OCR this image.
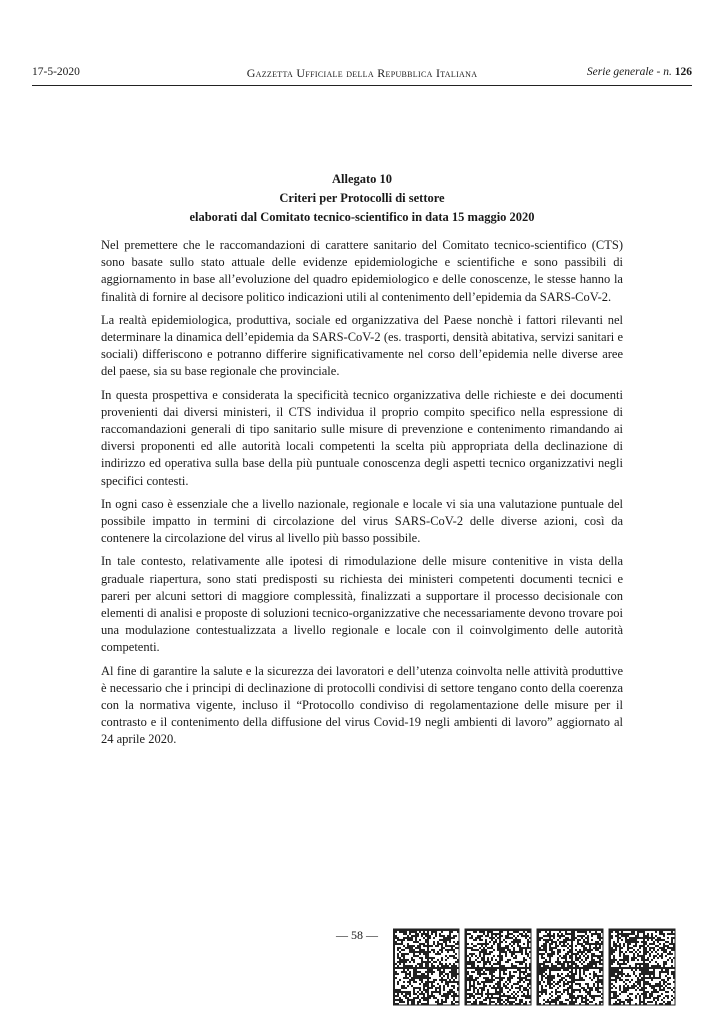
17-5-2020	Gazzetta Ufficiale della Repubblica Italiana	Serie generale - n. 126
Allegato 10
Criteri per Protocolli di settore
elaborati dal Comitato tecnico-scientifico in data 15 maggio 2020

Nel premettere che le raccomandazioni di carattere sanitario del Comitato tecnico-scientifico (CTS) sono basate sullo stato attuale delle evidenze epidemiologiche e scientifiche e sono passibili di aggiornamento in base all’evoluzione del quadro epidemiologico e delle conoscenze, le stesse hanno la finalità di fornire al decisore politico indicazioni utili al contenimento dell’epidemia da SARS-CoV-2.

La realtà epidemiologica, produttiva, sociale ed organizzativa del Paese nonchè i fattori rilevanti nel determinare la dinamica dell’epidemia da SARS-CoV-2 (es. trasporti, densità abitativa, servizi sanitari e sociali) differiscono e potranno differire significativamente nel corso dell’epidemia nelle diverse aree del paese, sia su base regionale che provinciale.

In questa prospettiva e considerata la specificità tecnico organizzativa delle richieste e dei documenti provenienti dai diversi ministeri, il CTS individua il proprio compito specifico nella espressione di raccomandazioni generali di tipo sanitario sulle misure di prevenzione e contenimento rimandando ai diversi proponenti ed alle autorità locali competenti la scelta più appropriata della declinazione di indirizzo ed operativa sulla base della più puntuale conoscenza degli aspetti tecnico organizzativi negli specifici contesti.

In ogni caso è essenziale che a livello nazionale, regionale e locale vi sia una valutazione puntuale del possibile impatto in termini di circolazione del virus SARS-CoV-2 delle diverse azioni, così da contenere la circolazione del virus al livello più basso possibile.

In tale contesto, relativamente alle ipotesi di rimodulazione delle misure contenitive in vista della graduale riapertura, sono stati predisposti su richiesta dei ministeri competenti documenti tecnici e pareri per alcuni settori di maggiore complessità, finalizzati a supportare il processo decisionale con elementi di analisi e proposte di soluzioni tecnico-organizzative che necessariamente devono trovare poi una modulazione contestualizzata a livello regionale e locale con il coinvolgimento delle autorità competenti.

Al fine di garantire la salute e la sicurezza dei lavoratori e dell’utenza coinvolta nelle attività produttive è necessario che i principi di declinazione di protocolli condivisi di settore tengano conto della coerenza con la normativa vigente, incluso il “Protocollo condiviso di regolamentazione delle misure per il contrasto e il contenimento della diffusione del virus Covid-19 negli ambienti di lavoro” aggiornato al 24 aprile 2020.

— 58 —
